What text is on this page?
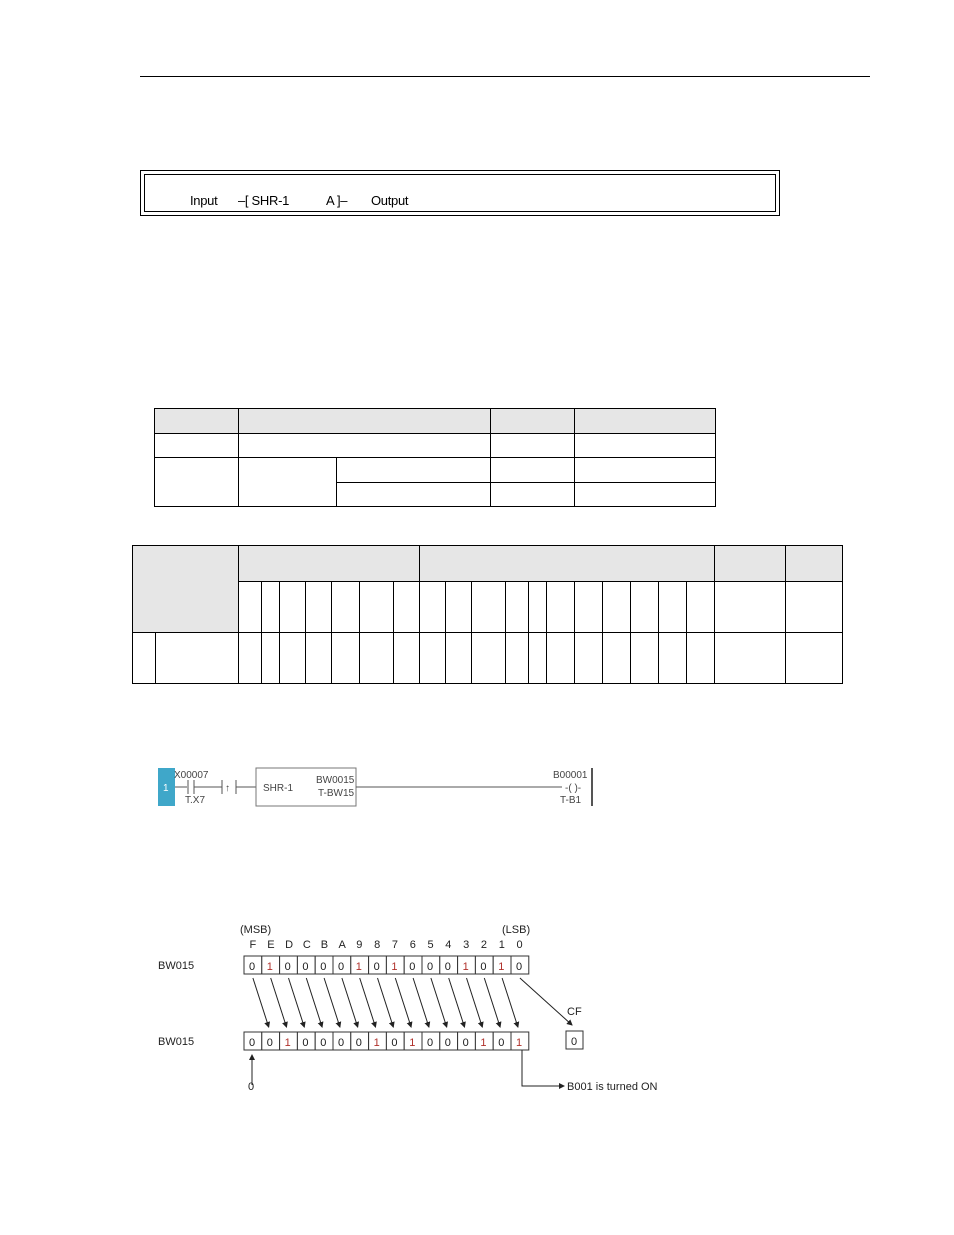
Input –[ SHR-1	A ]– Output

1
X00007
T.X7
↑	SHR-1
BW0015
T-BW15
B00001
-( )-
T-B1
(MSB)	(LSB)
F E D C B A 9 8 7 6 5 4 3 2 1 0
BW015	0 1 0 0 0 0 1 0 1 0 0 0 1 0 1 0
CF
0
BW015	0 0 1 0 0 0 0 1 0 1 0 0 0 1 0 1
0	B001 is turned ON
